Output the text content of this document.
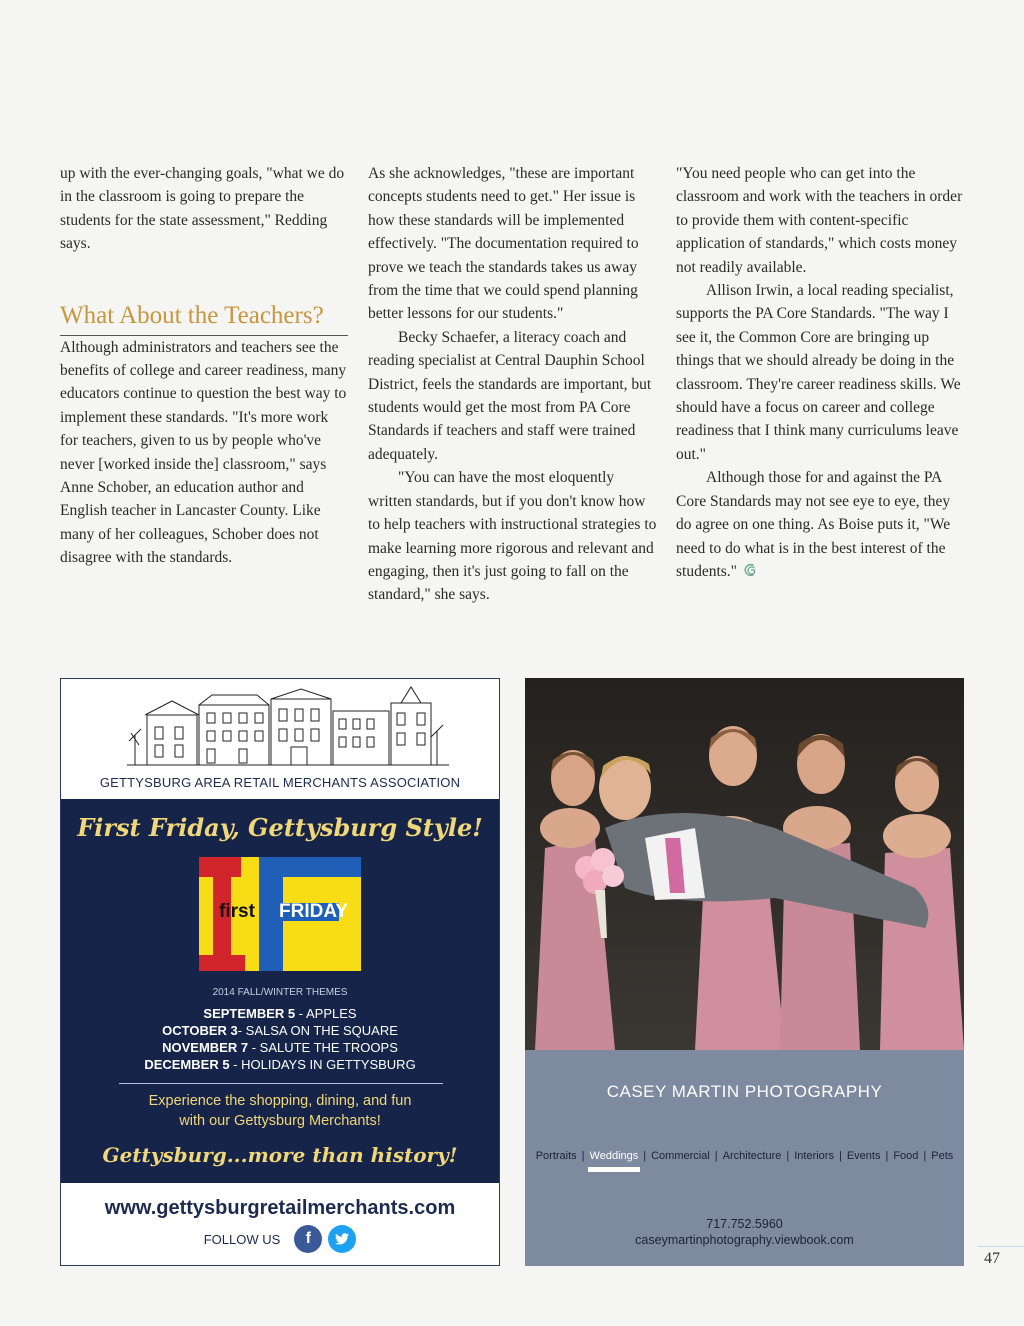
up with the ever-changing goals, "what we do in the classroom is going to prepare the students for the state assessment," Redding says.

What About the Teachers?

Although administrators and teachers see the benefits of college and career readiness, many educators continue to question the best way to implement these standards. "It's more work for teachers, given to us by people who've never [worked inside the] classroom," says Anne Schober, an education author and English teacher in Lancaster County. Like many of her colleagues, Schober does not disagree with the standards.

As she acknowledges, "these are important concepts students need to get." Her issue is how these standards will be implemented effectively. "The documentation required to prove we teach the standards takes us away from the time that we could spend planning better lessons for our students."

Becky Schaefer, a literacy coach and reading specialist at Central Dauphin School District, feels the standards are important, but students would get the most from PA Core Standards if teachers and staff were trained adequately.

"You can have the most eloquently written standards, but if you don't know how to help teachers with instructional strategies to make learning more rigorous and relevant and engaging, then it's just going to fall on the standard," she says.

"You need people who can get into the classroom and work with the teachers in order to provide them with content-specific application of standards," which costs money not readily available.

Allison Irwin, a local reading specialist, supports the PA Core Standards. "The way I see it, the Common Core are bringing up things that we should already be doing in the classroom. They're career readiness skills. We should have a focus on career and college readiness that I think many curriculums leave out."

Although those for and against the PA Core Standards may not see eye to eye, they do agree on one thing. As Boise puts it, "We need to do what is in the best interest of the students."

GETTYSBURG AREA RETAIL MERCHANTS ASSOCIATION
First Friday, Gettysburg Style!
first FRIDAY
2014 FALL/WINTER THEMES
SEPTEMBER 5 - APPLES
OCTOBER 3- SALSA ON THE SQUARE
NOVEMBER 7 - SALUTE THE TROOPS
DECEMBER 5 - HOLIDAYS IN GETTYSBURG
Experience the shopping, dining, and fun
with our Gettysburg Merchants!
Gettysburg...more than history!
www.gettysburgretailmerchants.com
FOLLOW US	f
CASEY MARTIN PHOTOGRAPHY
Portraits | Weddings | Commercial | Architecture | Interiors | Events | Food | Pets
717.752.5960
caseymartinphotography.viewbook.com
47
